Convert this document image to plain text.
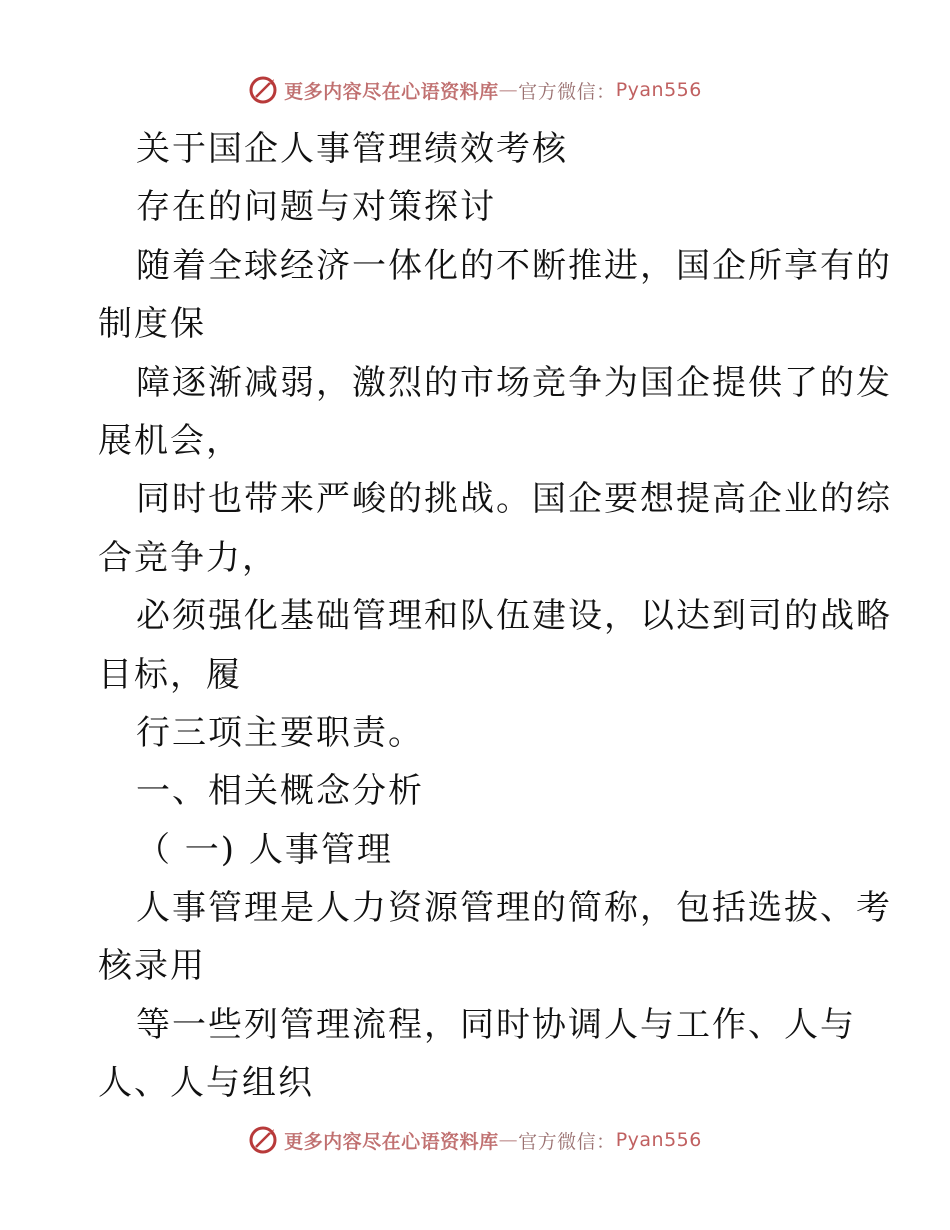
更多内容尽在心语资料库 — 官方微信： Pyan556
关于国企人事管理绩效考核
存在的问题与对策探讨
随着全球经济一体化的不断推进，国企所享有的
制度保
障逐渐减弱，激烈的市场竞争为国企提供了的发
展机会，
同时也带来严峻的挑战。国企要想提高企业的综
合竞争力，
必须强化基础管理和队伍建设，以达到司的战略
目标，履
行三项主要职责。
一、相关概念分析
（ 一) 人事管理
人事管理是人力资源管理的简称，包括选拔、考
核录用
等一些列管理流程，同时协调人与工作、人与
人、人与组织
更多内容尽在心语资料库 — 官方微信： Pyan556
